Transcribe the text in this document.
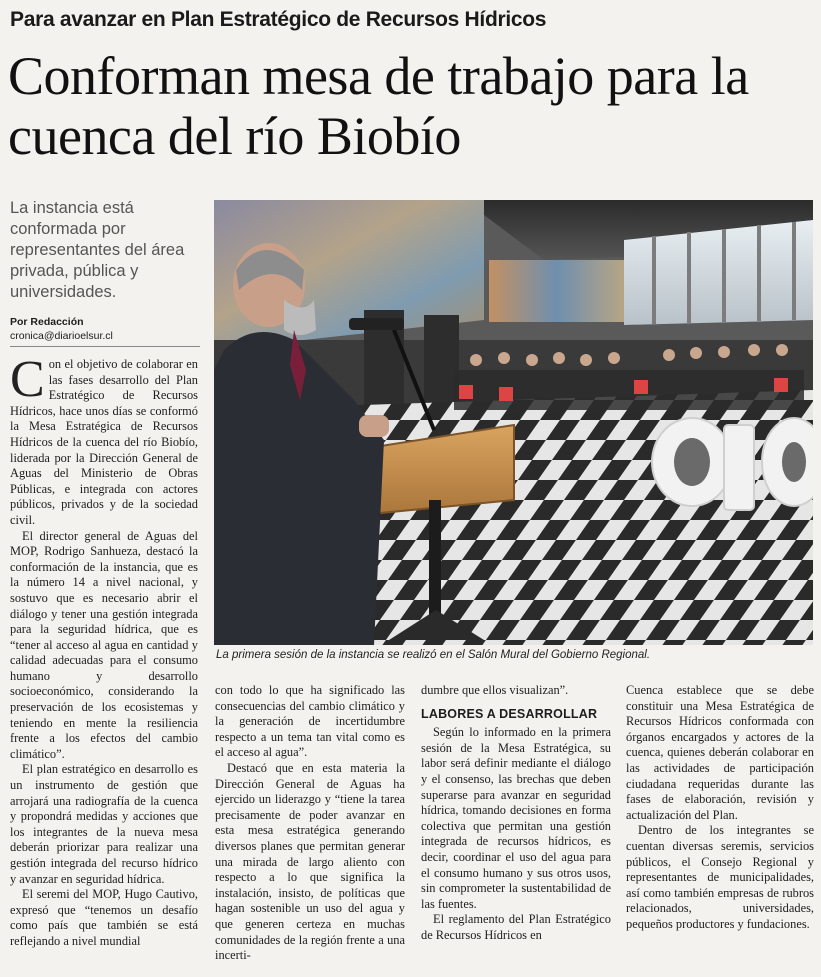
Para avanzar en Plan Estratégico de Recursos Hídricos
Conforman mesa de trabajo para la cuenca del río Biobío
La instancia está conformada por representantes del área privada, pública y universidades.
Por Redacción
cronica@diarioelsur.cl
La primera sesión de la instancia se realizó en el Salón Mural del Gobierno Regional.

Con el objetivo de colaborar en las fases desarrollo del Plan Estratégico de Recursos Hídricos, hace unos días se conformó la Mesa Estratégica de Recursos Hídricos de la cuenca del río Biobío, liderada por la Dirección General de Aguas del Ministerio de Obras Públicas, e integrada con actores públicos, privados y de la sociedad civil.

El director general de Aguas del MOP, Rodrigo Sanhueza, destacó la conformación de la instancia, que es la número 14 a nivel nacional, y sostuvo que es necesario abrir el diálogo y tener una gestión integrada para la seguridad hídrica, que es “tener al acceso al agua en cantidad y calidad adecuadas para el consumo humano y desarrollo socioeconómico, considerando la preservación de los ecosistemas y teniendo en mente la resiliencia frente a los efectos del cambio climático”.

El plan estratégico en desarrollo es un instrumento de gestión que arrojará una radiografía de la cuenca y propondrá medidas y acciones que los integrantes de la nueva mesa deberán priorizar para realizar una gestión integrada del recurso hídrico y avanzar en seguridad hídrica.

El seremi del MOP, Hugo Cautivo, expresó que “tenemos un desafío como país que también se está reflejando a nivel mundial

con todo lo que ha significado las consecuencias del cambio climático y la generación de incertidumbre respecto a un tema tan vital como es el acceso al agua”.

Destacó que en esta materia la Dirección General de Aguas ha ejercido un liderazgo y “tiene la tarea precisamente de poder avanzar en esta mesa estratégica generando diversos planes que permitan generar una mirada de largo aliento con respecto a lo que significa la instalación, insisto, de políticas que hagan sostenible un uso del agua y que generen certeza en muchas comunidades de la región frente a una incerti-

dumbre que ellos visualizan”.

LABORES A DESARROLLAR

Según lo informado en la primera sesión de la Mesa Estratégica, su labor será definir mediante el diálogo y el consenso, las brechas que deben superarse para avanzar en seguridad hídrica, tomando decisiones en forma colectiva que permitan una gestión integrada de recursos hídricos, es decir, coordinar el uso del agua para el consumo humano y sus otros usos, sin comprometer la sustentabilidad de las fuentes.

El reglamento del Plan Estratégico de Recursos Hídricos en

Cuenca establece que se debe constituir una Mesa Estratégica de Recursos Hídricos conformada con órganos encargados y actores de la cuenca, quienes deberán colaborar en las actividades de participación ciudadana requeridas durante las fases de elaboración, revisión y actualización del Plan.

Dentro de los integrantes se cuentan diversas seremis, servicios públicos, el Consejo Regional y representantes de municipalidades, así como también empresas de rubros relacionados, universidades, pequeños productores y fundaciones.
